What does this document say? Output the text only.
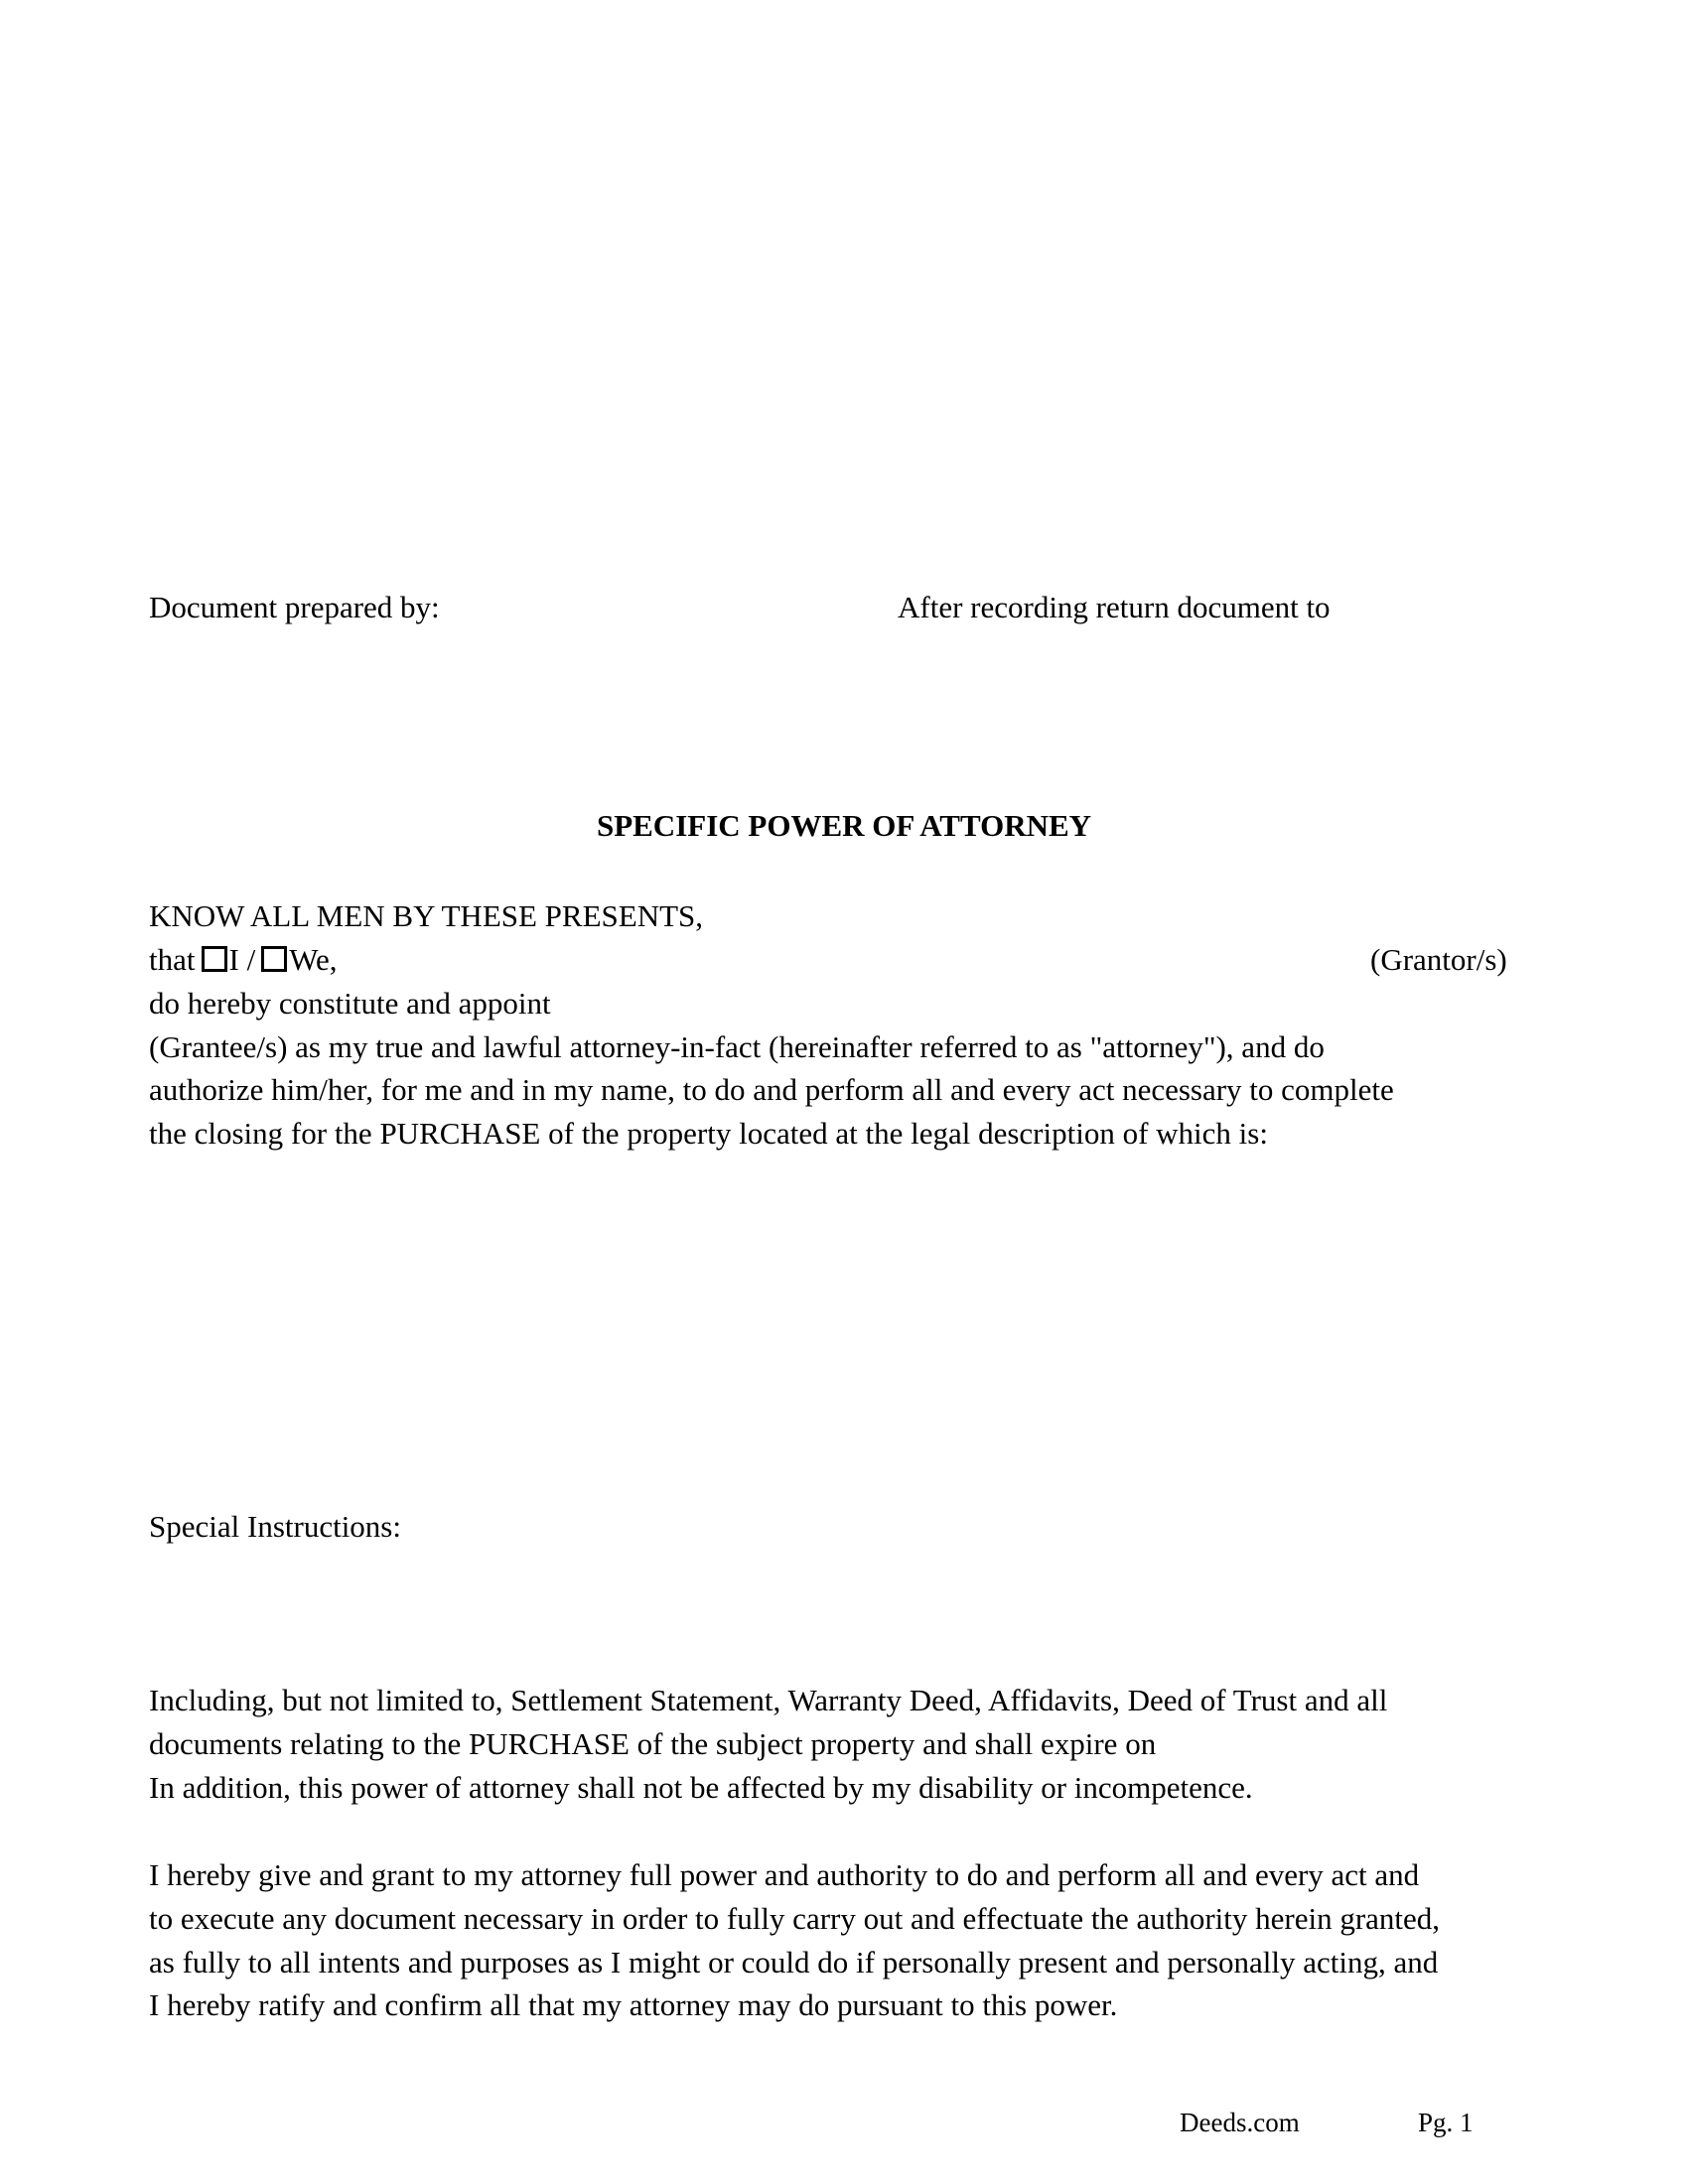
Document prepared by:	After recording return document to
SPECIFIC POWER OF ATTORNEY
KNOW ALL MEN BY THESE PRESENTS,
that I / We,	(Grantor/s)
do hereby constitute and appoint
(Grantee/s) as my true and lawful attorney-in-fact (hereinafter referred to as "attorney"), and do
authorize him/her, for me and in my name, to do and perform all and every act necessary to complete
the closing for the PURCHASE of the property located at the legal description of which is:
Special Instructions:
Including, but not limited to, Settlement Statement, Warranty Deed, Affidavits, Deed of Trust and all
documents relating to the PURCHASE of the subject property and shall expire on
In addition, this power of attorney shall not be affected by my disability or incompetence.
I hereby give and grant to my attorney full power and authority to do and perform all and every act and
to execute any document necessary in order to fully carry out and effectuate the authority herein granted,
as fully to all intents and purposes as I might or could do if personally present and personally acting, and
I hereby ratify and confirm all that my attorney may do pursuant to this power.
Deeds.com	Pg. 1
